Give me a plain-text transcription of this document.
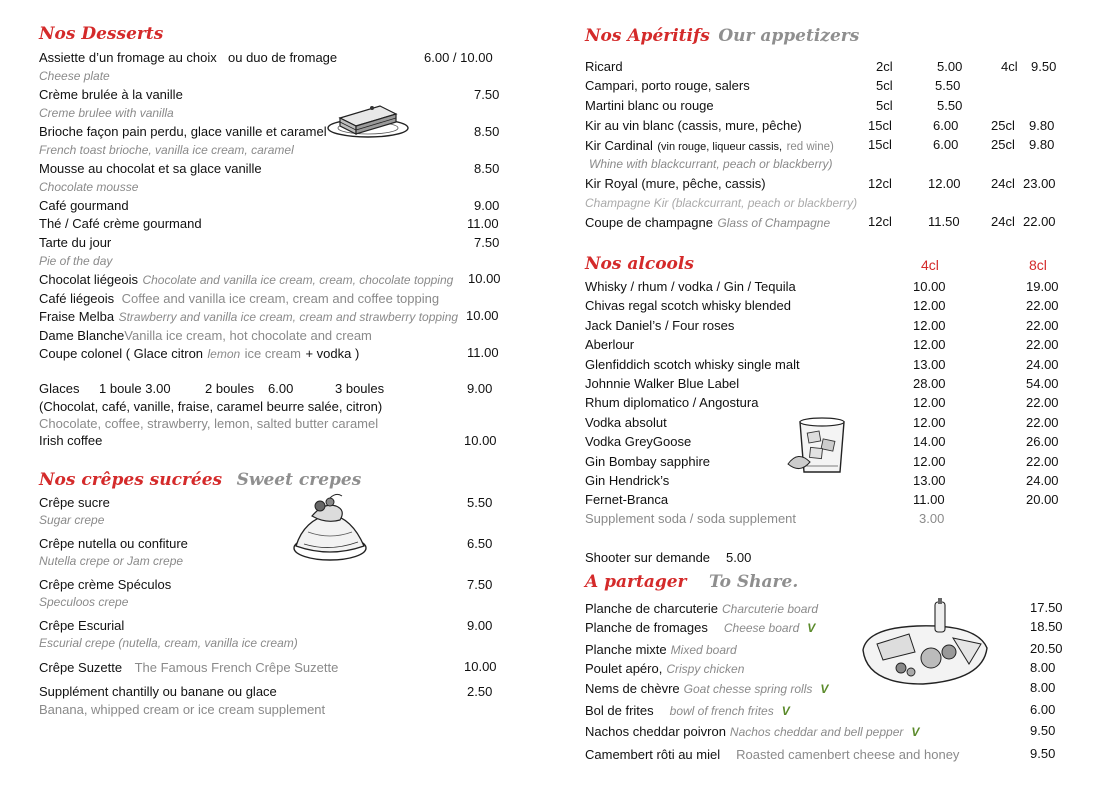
Nos Desserts
Assiette d’un fromage au choix ou duo de fromage	6.00 / 10.00
Cheese plate
Crème brulée à la vanille	7.50
Creme brulee with vanilla
Brioche façon pain perdu, glace vanille et caramel	8.50
French toast brioche, vanilla ice cream, caramel
Mousse au chocolat et sa glace vanille	8.50
Chocolate mousse
Café gourmand	9.00
Thé / Café crème gourmand	11.00
Tarte du jour	7.50
Pie of the day
Chocolat liégeois Chocolate and vanilla ice cream, cream, chocolate topping 10.00
Café liégeois Coffee and vanilla ice cream, cream and coffee topping
Fraise Melba Strawberry and vanilla ice cream, cream and strawberry topping 10.00
Dame BlancheVanilla ice cream, hot chocolate and cream
Coupe colonel ( Glace citron lemon ice cream + vodka )	11.00
Glaces 1 boule 3.00	2 boules 6.00	3 boules	9.00
(Chocolat, café, vanille, fraise, caramel beurre salée, citron)
Chocolate, coffee, strawberry, lemon, salted butter caramel
Irish coffee	10.00
Nos crêpes sucrées Sweet crepes
Crêpe sucre	5.50
Sugar crepe
Crêpe nutella ou confiture	6.50
Nutella crepe or Jam crepe
Crêpe crème Spéculos	7.50
Speculoos crepe
Crêpe Escurial	9.00
Escurial crepe (nutella, cream, vanilla ice cream)
Crêpe Suzette The Famous French Crêpe Suzette	10.00
Supplément chantilly ou banane ou glace	2.50
Banana, whipped cream or ice cream supplement
Nos Apéritifs Our appetizers
Ricard	2cl	5.00	4cl 9.50
Campari, porto rouge, salers	5cl	5.50
Martini blanc ou rouge	5cl	5.50
Kir au vin blanc (cassis, mure, pêche)	15cl	6.00	25cl 9.80
Kir Cardinal (vin rouge, liqueur cassis, red wine)	15cl	6.00	25cl 9.80
Whine with blackcurrant, peach or blackberry)
Kir Royal (mure, pêche, cassis)	12cl	12.00 24cl 23.00
Champagne Kir (blackcurrant, peach or blackberry)
Coupe de champagne Glass of Champagne	12cl	11.50 24cl 22.00
Nos alcools	4cl	8cl
Whisky / rhum / vodka / Gin / Tequila	10.00	19.00
Chivas regal scotch whisky blended	12.00	22.00
Jack Daniel’s / Four roses	12.00	22.00
Aberlour	12.00	22.00
Glenfiddich scotch whisky single malt	13.00	24.00
Johnnie Walker Blue Label	28.00	54.00
Rhum diplomatico / Angostura	12.00	22.00
Vodka absolut	12.00	22.00
Vodka GreyGoose	14.00	26.00
Gin Bombay sapphire	12.00	22.00
Gin Hendrick’s	13.00	24.00
Fernet-Branca	11.00	20.00
Supplement soda / soda supplement	3.00
Shooter sur demande 5.00
A partager To Share.
Planche de charcuterie Charcuterie board	17.50
Planche de fromages Cheese board V	18.50
Planche mixte Mixed board	20.50
Poulet apéro, Crispy chicken	8.00
Nems de chèvre Goat chesse spring rolls V	8.00
Bol de frites bowl of french frites V	6.00
Nachos cheddar poivron Nachos cheddar and bell pepper V	9.50
Camembert rôti au miel Roasted camenbert cheese and honey	9.50
